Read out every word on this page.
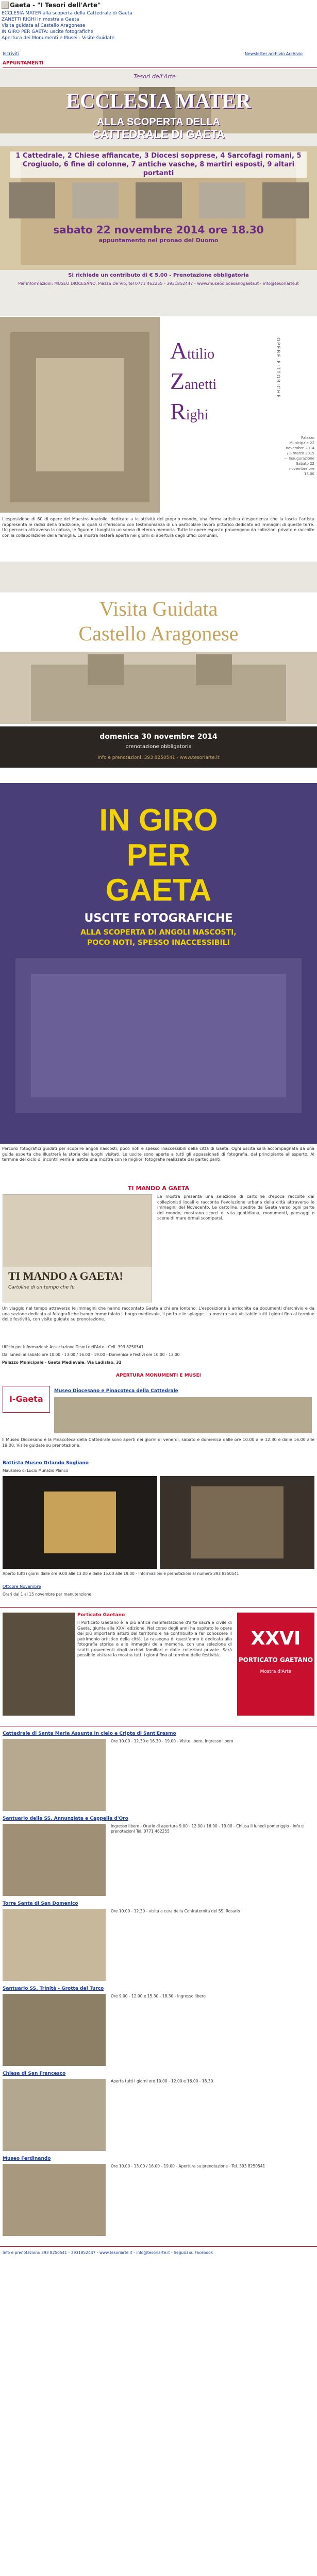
Gaeta - "I Tesori dell'Arte"
ECCLESIA MATER alla scoperta della Cattedrale di Gaeta
ZANETTI RIGHI In mostra a Gaeta
Visita guidata al Castello Aragonese
IN GIRO PER GAETA: uscite fotografiche
Apertura dei Monumenti e Musei - Visite Guidate
Iscriviti	Newsletter archivio Archivio
APPUNTAMENTI
Tesori dell'Arte
ECCLESIA MATER
ALLA SCOPERTA DELLA
CATTEDRALE DI GAETA
1 Cattedrale, 2 Chiese affiancate, 3 Diocesi sopprese, 4 Sarcofagi romani, 5 Crogiuolo, 6 fine di colonne, 7 antiche vasche, 8 martiri esposti, 9 altari portanti
sabato 22 novembre 2014 ore 18.30
appuntamento nel pronao del Duomo
Si richiede un contributo di € 5,00 - Prenotazione obbligatoria
Per informazioni: MUSEO DIOCESANO, Piazza De Vio, tel 0771 462255 - 3931852447 - www.museodiocesanogaeta.it - info@tesoriarte.it
Attilio
Zanetti
Righi
OPERE PITTORICHE
Palazzo Municipale 22 novembre 2014 / 8 marzo 2015 — Inaugurazione Sabato 22 novembre ore 18.00
L'esposizione di 60 di opere del Maestro Anatolio, dedicate a le attività del proprio mondo, una forma artistica d'esperienza che la lascia l'artista rappresenta le radici della tradizione, ai quali si riferiscono con testimonianza di un particolare lavoro pittorico dedicato ad immagini di queste terre. Un percorso attraverso la natura, le figure e i luoghi in un senso di eterna memoria. Tutte le opere esposte provengono da collezioni private e raccolte con la collaborazione della famiglia. La mostra resterà aperta nei giorni di apertura degli uffici comunali.
Visita Guidata
Castello Aragonese
domenica 30 novembre 2014
prenotazione obbligatoria
Info e prenotazioni: 393 8250541 - www.tesoriarte.it
IN GIRO
PER
GAETA
USCITE FOTOGRAFICHE
ALLA SCOPERTA DI ANGOLI NASCOSTI,
POCO NOTI, SPESSO INACCESSIBILI
Percorsi fotografici guidati per scoprire angoli nascosti, poco noti e spesso inaccessibili della città di Gaeta. Ogni uscita sarà accompagnata da una guida esperta che illustrerà la storia dei luoghi visitati. Le uscite sono aperte a tutti gli appassionati di fotografia, dal principiante all'esperto. Al termine del ciclo di incontri verrà allestita una mostra con le migliori fotografie realizzate dai partecipanti.
TI MANDO A GAETA
TI MANDO A GAETA!
Cartoline di un tempo che fu
La mostra presenta una selezione di cartoline d'epoca raccolte dai collezionisti locali e racconta l'evoluzione urbana della città attraverso le immagini del Novecento. Le cartoline, spedite da Gaeta verso ogni parte del mondo, mostrano scorci di vita quotidiana, monumenti, paesaggi e scene di mare ormai scomparsi.
Un viaggio nel tempo attraverso le immagini che hanno raccontato Gaeta a chi era lontano. L'esposizione è arricchita da documenti d'archivio e da una sezione dedicata ai fotografi che hanno immortalato il borgo medievale, il porto e le spiagge. La mostra sarà visitabile tutti i giorni fino al termine delle festività, con visite guidate su prenotazione.
Ufficio per Informazioni: Associazione Tesori dell'Arte - Cell. 393 8250541
Dal lunedì al sabato ore 10.00 - 13.00 / 16.00 - 19.00 - Domenica e festivi ore 10.00 - 13.00
Palazzo Municipale - Gaeta Medievale, Via Ladislao, 32
APERTURA MONUMENTI E MUSEI
i-Gaeta
Museo Diocesano e Pinacoteca della Cattedrale
Il Museo Diocesano e la Pinacoteca della Cattedrale sono aperti nei giorni di venerdì, sabato e domenica dalle ore 10.00 alle 12.30 e dalle 16.00 alle 19.00. Visite guidate su prenotazione.
Battista Museo Orlando Sogliano
Mausoleo di Lucio Munazio Planco
Aperto tutti i giorni dalle ore 9.00 alle 13.00 e dalle 15.00 alle 19.00 - Informazioni e prenotazioni al numero 393 8250541
Ottobre Novembre
Orari dal 1 al 15 novembre per manutenzione
Porticato Gaetano
Il Porticato Gaetano è la più antica manifestazione d'arte sacra e civile di Gaeta, giunta alla XXVI edizione. Nel corso degli anni ha ospitato le opere dei più importanti artisti del territorio e ha contribuito a far conoscere il patrimonio artistico della città. La rassegna di quest'anno è dedicata alla fotografia storica e alle immagini della memoria, con una selezione di scatti provenienti dagli archivi familiari e dalle collezioni private. Sarà possibile visitare la mostra tutti i giorni fino al termine delle festività.
XXVI
PORTICATO GAETANO
Mostra d'Arte
Cattedrale di Santa Maria Assunta in cielo e Cripta di Sant'Erasmo
Ore 10.00 - 12.30 e 16.30 - 19.00 - Visite libere. Ingresso libero
Santuario della SS. Annunziata e Cappella d'Oro
Ingresso libero - Orario di apertura 9.00 - 12.00 / 16.00 - 19.00 - Chiusa il lunedì pomeriggio - Info e prenotazioni Tel. 0771 462255
Torre Santa di San Domenico
Ore 10.00 - 12.30 - visita a cura della Confraternita del SS. Rosario
Santuario SS. Trinità - Grotta del Turco
Ore 9.00 - 12.00 e 15.30 - 18.30 - Ingresso libero
Chiesa di San Francesco
Aperta tutti i giorni ore 10.00 - 12.00 e 16.00 - 18.30
Museo Ferdinando
Ore 10.00 - 13.00 / 16.00 - 19.00 - Apertura su prenotazione - Tel. 393 8250541
Info e prenotazioni: 393 8250541 - 3931852447 - www.tesoriarte.it - info@tesoriarte.it - Seguici su Facebook
